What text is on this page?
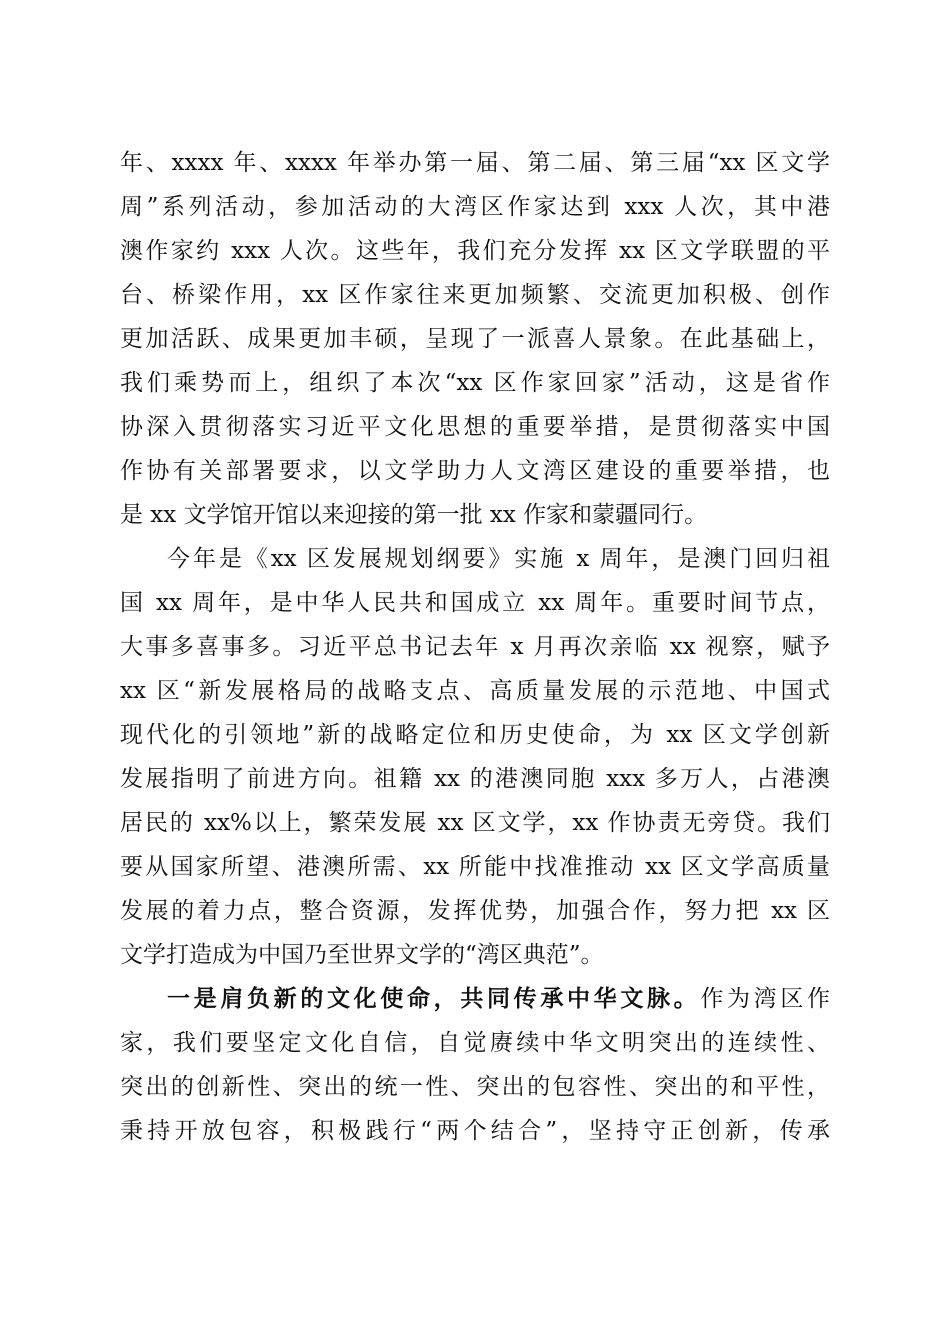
年、xxxx 年、xxxx 年举办第一届、第二届、第三届“xx 区文学
周”系列活动，参加活动的大湾区作家达到 xxx 人次，其中港
澳作家约 xxx 人次。这些年，我们充分发挥 xx 区文学联盟的平
台、桥梁作用，xx 区作家往来更加频繁、交流更加积极、创作
更加活跃、成果更加丰硕，呈现了一派喜人景象。在此基础上，
我们乘势而上，组织了本次“xx 区作家回家”活动，这是省作
协深入贯彻落实习近平文化思想的重要举措，是贯彻落实中国
作协有关部署要求，以文学助力人文湾区建设的重要举措，也
是 xx 文学馆开馆以来迎接的第一批 xx 作家和蒙疆同行。
今年是《xx 区发展规划纲要》实施 x 周年，是澳门回归祖
国 xx 周年，是中华人民共和国成立 xx 周年。重要时间节点，
大事多喜事多。习近平总书记去年 x 月再次亲临 xx 视察，赋予
xx 区“新发展格局的战略支点、高质量发展的示范地、中国式
现代化的引领地”新的战略定位和历史使命，为 xx 区文学创新
发展指明了前进方向。祖籍 xx 的港澳同胞 xxx 多万人，占港澳
居民的 xx%以上，繁荣发展 xx 区文学，xx 作协责无旁贷。我们
要从国家所望、港澳所需、xx 所能中找准推动 xx 区文学高质量
发展的着力点，整合资源，发挥优势，加强合作，努力把 xx 区
文学打造成为中国乃至世界文学的“湾区典范”。
一是肩负新的文化使命，共同传承中华文脉。作为湾区作
家，我们要坚定文化自信，自觉赓续中华文明突出的连续性、
突出的创新性、突出的统一性、突出的包容性、突出的和平性，
秉持开放包容，积极践行“两个结合”，坚持守正创新，传承
